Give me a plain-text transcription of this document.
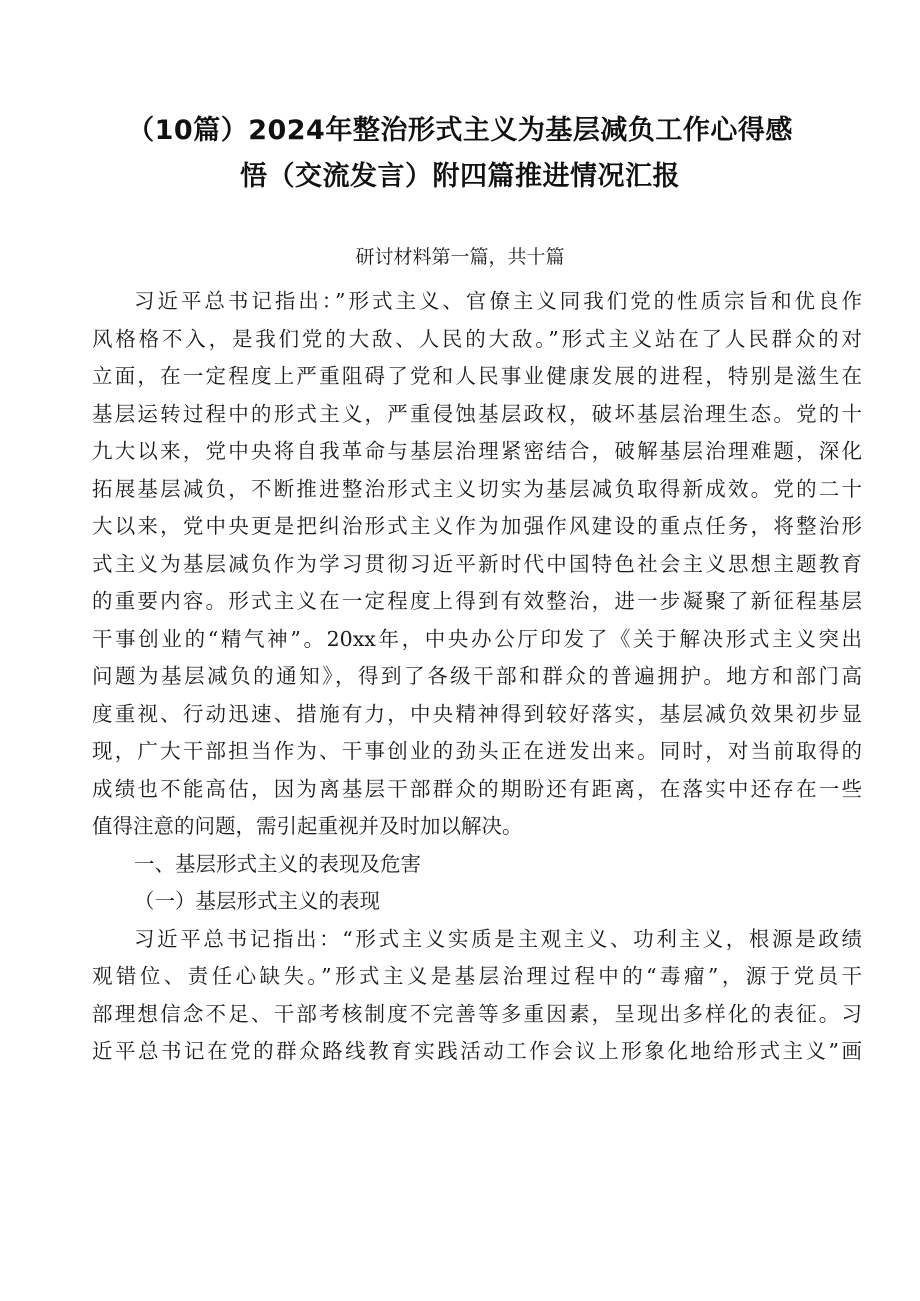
（10篇）2024年整治形式主义为基层减负工作心得感
悟（交流发言）附四篇推进情况汇报
研讨材料第一篇，共十篇
习近平总书记指出：”形式主义、官僚主义同我们党的性质宗旨和优良作
风格格不入，是我们党的大敌、人民的大敌。”形式主义站在了人民群众的对
立面，在一定程度上严重阻碍了党和人民事业健康发展的进程，特别是滋生在
基层运转过程中的形式主义，严重侵蚀基层政权，破坏基层治理生态。党的十
九大以来，党中央将自我革命与基层治理紧密结合，破解基层治理难题，深化
拓展基层减负，不断推进整治形式主义切实为基层减负取得新成效。党的二十
大以来，党中央更是把纠治形式主义作为加强作风建设的重点任务，将整治形
式主义为基层减负作为学习贯彻习近平新时代中国特色社会主义思想主题教育
的重要内容。形式主义在一定程度上得到有效整治，进一步凝聚了新征程基层
干事创业的“精气神”。20xx年，中央办公厅印发了《关于解决形式主义突出
问题为基层减负的通知》，得到了各级干部和群众的普遍拥护。地方和部门高
度重视、行动迅速、措施有力，中央精神得到较好落实，基层减负效果初步显
现，广大干部担当作为、干事创业的劲头正在迸发出来。同时，对当前取得的
成绩也不能高估，因为离基层干部群众的期盼还有距离，在落实中还存在一些
值得注意的问题，需引起重视并及时加以解决。
一、基层形式主义的表现及危害
（一）基层形式主义的表现
习近平总书记指出：“形式主义实质是主观主义、功利主义，根源是政绩
观错位、责任心缺失。”形式主义是基层治理过程中的“毒瘤”，源于党员干
部理想信念不足、干部考核制度不完善等多重因素，呈现出多样化的表征。习
近平总书记在党的群众路线教育实践活动工作会议上形象化地给形式主义”画
